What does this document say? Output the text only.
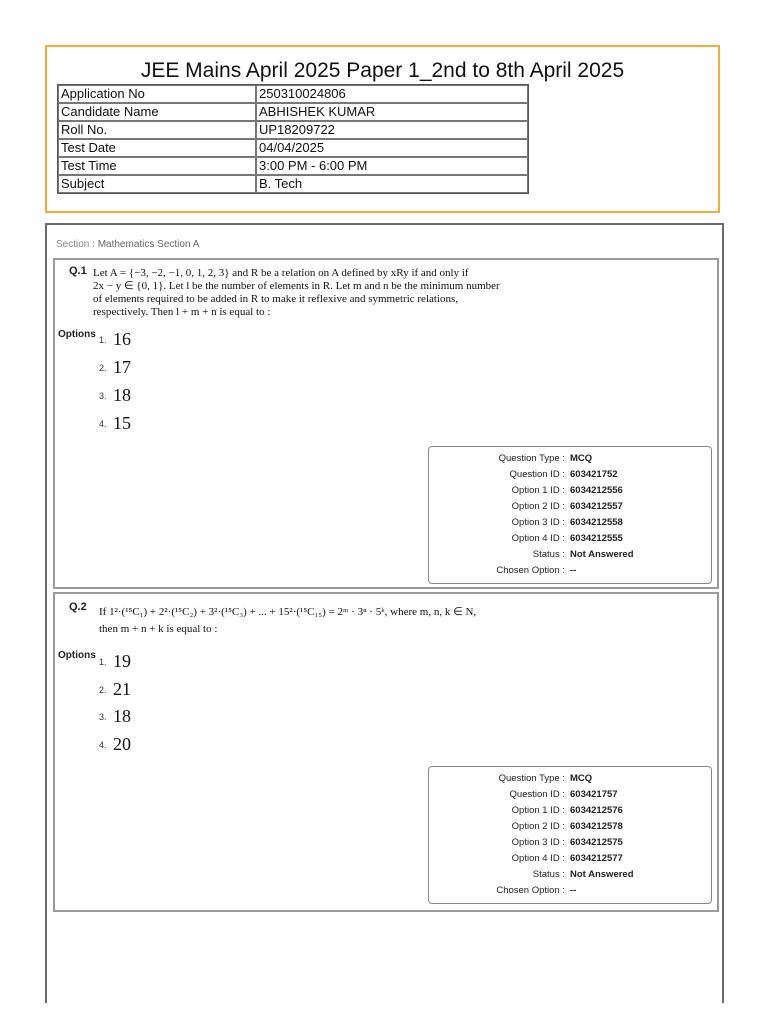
JEE Mains April 2025 Paper 1_2nd to 8th April 2025
Application No	250310024806
Candidate Name	ABHISHEK KUMAR
Roll No.	UP18209722
Test Date	04/04/2025
Test Time	3:00 PM - 6:00 PM
Subject	B. Tech
Section : Mathematics Section A
Q.1 Let A = {−3, −2, −1, 0, 1, 2, 3} and R be a relation on A defined by xRy if and only if
2x − y ∈ {0, 1}. Let l be the number of elements in R. Let m and n be the minimum number
of elements required to be added in R to make it reflexive and symmetric relations,
respectively. Then l + m + n is equal to :
Options 1. 16
2. 17
3. 18
4. 15
Question Type : MCQ
Question ID : 603421752
Option 1 ID : 6034212556
Option 2 ID : 6034212557
Option 3 ID : 6034212558
Option 4 ID : 6034212555
Status : Not Answered
Chosen Option : --
Q.2 If 1²·(¹⁵C₁) + 2²·(¹⁵C₂) + 3²·(¹⁵C₃) + ... + 15²·(¹⁵C₁₅) = 2ᵐ · 3ⁿ · 5ᵏ, where m, n, k ∈ N,
then m + n + k is equal to :
Options
1. 19
2. 21
3. 18
4. 20
Question Type : MCQ
Question ID : 603421757
Option 1 ID : 6034212576
Option 2 ID : 6034212578
Option 3 ID : 6034212575
Option 4 ID : 6034212577
Status : Not Answered
Chosen Option : --
